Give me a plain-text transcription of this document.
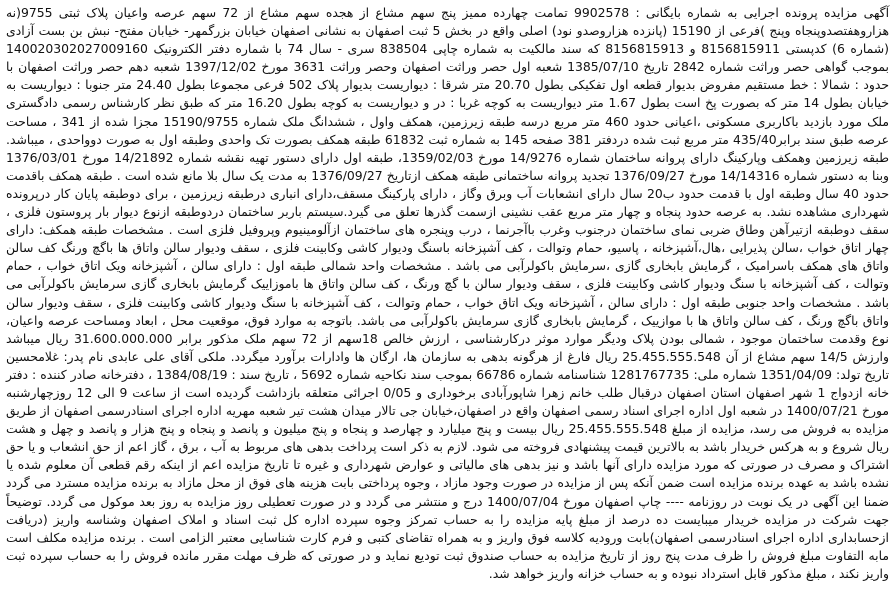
آگهی مزایده پرونده اجرایی به شماره بایگانی : 9902578 تمامت چهارده ممیز پنج سهم مشاع از هجده سهم مشاع از 72 سهم عرصه واعیان پلاک ثبتی 9755(نه هزاروهفتصدوپنجاه وپنج )فرعی از 15190 (پانزده هزاروصدو نود) اصلی واقع در بخش 5 ثبت اصفهان به نشانی اصفهان خیابان بزرگمهر- خیابان مفتح- نبش بن بست آزادی (شماره 6) کدپستی 8156815911 و 8156815913 که سند مالکیت به شماره چاپی 838504 سری - سال 74 با شماره دفتر الکترونیک 140020302027009160 بموجب گواهی حصر وراثت شماره 2842 تاریخ 1385/07/10 شعبه اول حصر وراثت اصفهان وحصر وراثت 3631 مورخ 1397/12/02 شعبه دهم حصر وراثت اصفهان با حدود : شمالا : خط مستقیم مفروض بدیوار قطعه اول تفکیکی بطول 20.70 متر شرقا : دیواریست بدیوار پلاک 502 فرعی مجموعا بطول 24.40 متر جنوبا : دیواریست به خیابان بطول 14 متر که بصورت پخ است بطول 1.67 متر دیواریست به کوچه غربا : در و دیواریست به کوچه بطول 16.20 متر که طبق نظر کارشناس رسمی دادگستری ملک مورد بازدید باکاربری مسکونی ،اعیانی حدود 460 متر مربع درسه طبقه زیرزمین، همکف واول ، ششدانگ ملک شماره 15190/9755 مجزا شده از 341 ، مساحت عرصه طبق سند برابر435/40 متر مربع ثبت شده دردفتر 381 صفحه 145 به شماره ثبت 61832 طبقه همکف بصورت تک واحدی وطبقه اول به صورت دوواحدی ، میباشد. طبقه زیرزمین وهمکف وپارکینگ دارای پروانه ساختمان شماره 14/9276 مورخ 1359/02/03، طبقه اول دارای دستور تهیه نقشه شماره 14/21892 مورخ 1376/03/01 وبنا به دستور شماره 14/14316 مورخ 1376/09/27 تجدید پروانه ساختمانی طبقه همکف ازتاریخ 1376/09/27 به مدت یک سال بلا مانع شده است . طبقه همکف باقدمت حدود 40 سال وطبقه اول با قدمت حدود ب20 سال دارای انشعابات آب وبرق وگاز ، دارای پارکینگ مسقف،دارای انباری درطبقه زیرزمین ، برای دوطبقه پایان کار درپرونده شهرداری مشاهده نشد. به عرصه حدود پنجاه و چهار متر مربع عقب نشینی ازسمت گذرها تعلق می گیرد.سیستم باربر ساختمان دردوطبقه ازنوع دیوار بار پروستون فلزی ، سقف دوطبقه ازتیرآهن وطاق ضربی نمای ساختمان درجنوب وغرب باآجرنما ، درب وپنجره های ساختمان ازآلومینیوم وپروفیل فلزی است . مشخصات طبقه همکف: دارای چهار اتاق خواب ،سالن پذیرایی ،هال،آشپزخانه ، پاسیو، حمام وتوالت ، کف آشپزخانه باسنگ ودیوار کاشی وکابینت فلزی ، سقف ودیوار سالن واتاق ها باگچ ورنگ کف سالن واتاق های همکف باسرامیک ، گرمایش بابخاری گازی ،سرمایش باکولرآبی می باشد . مشخصات واحد شمالی طبقه اول : دارای سالن ، آشپزخانه ویک اتاق خواب ، حمام وتوالت ، کف آشپزخانه با سنگ ودیوار کاشی وکابینت فلزی ، سقف ودیوار سالن با گچ ورنگ ، کف سالن واتاق ها باموزاییک گرمایش بابخاری گازی سرمایش باکولرآبی می باشد . مشخصات واحد جنوبی طبقه اول : دارای سالن ، آشپزخانه ویک اتاق خواب ، حمام وتوالت ، کف آشپزخانه با سنگ ودیوار کاشی وکابینت فلزی ، سقف ودیوار سالن واتاق باگچ ورنگ ، کف سالن واتاق ها با موازییک ، گرمایش بابخاری گازی سرمایش باکولرآبی می باشد. باتوجه به موارد فوق، موقعیت محل ، ابعاد ومساحت عرصه واعیان، نوع وقدمت ساختمان موجود ، شمالی بودن پلاک ودیگر موارد موثر درکارشناسی ، ارزش خالص 18سهم از 72 سهم ملک مذکور برابر 31.600.000.000 ریال میباشد وارزش 14/5 سهم مشاع از آن 25.455.555.548 ریال فارغ از هرگونه بدهی به سازمان ها، ارگان ها وادارات برآورد میگردد. ملکی آقای علی عابدی نام پدر: غلامحسین تاریخ تولد: 1351/04/09 شماره ملی: 1281767735 شناسنامه شماره 66786 بموجب سند نکاحیه شماره 5692 ، تاریخ سند : 1384/08/19 ، دفترخانه صادر کننده : دفتر خانه ازدواج 1 شهر اصفهان استان اصفهان درقبال طلب خانم زهرا شاپورآبادی برخوداری و 0/05 اجرائی متعلقه بازداشت گردیده است از ساعت 9 الی 12 روزچهارشنبه مورخ 1400/07/21 در شعبه اول اداره اجرای اسناد رسمی اصفهان واقع در اصفهان،خیابان جی تالار میدان هشت تیر شعبه مهریه اداره اجرای اسنادرسمی اصفهان از طریق مزایده به فروش می رسد، مزایده از مبلغ 25.455.555.548 ریال بیست و پنج میلیارد و چهارصد و پنجاه و پنج میلیون و پانصد و پنجاه و پنج هزار و پانصد و چهل و هشت ریال شروع و به هرکس خریدار باشد به بالاترین قیمت پیشنهادی فروخته می شود. لازم به ذکر است پرداخت بدهی های مربوط به آب ، برق ، گاز اعم از حق انشعاب و یا حق اشتراک و مصرف در صورتی که مورد مزایده دارای آنها باشد و نیز بدهی های مالیاتی و عوارض شهرداری و غیره تا تاریخ مزایده اعم از اینکه رقم قطعی آن معلوم شده یا نشده باشد به عهده برنده مزایده است ضمن آنکه پس از مزایده در صورت وجود مازاد ، وجوه پرداختی بابت هزینه های فوق از محل مازاد به برنده مزایده مسترد می گردد ضمنا این آگهی در یک نوبت در روزنامه ---- چاپ اصفهان مورخ 1400/07/04 درج و منتشر می گردد و در صورت تعطیلی روز مزایده به روز بعد موکول می گردد. توضیحاً جهت شرکت در مزایده خریدار میبایست ده درصد از مبلغ پایه مزایده را به حساب تمرکز وجوه سپرده اداره کل ثبت اسناد و املاک اصفهان وشناسه واریز (دریافت ازحسابداری اداره اجرای اسنادرسمی اصفهان)بابت ورودیه کلاسه فوق واریز و به همراه تقاضای کتبی و فرم کارت شناسایی معتبر الزامی است . برنده مزایده مکلف است مابه التفاوت مبلغ فروش را ظرف مدت پنج روز از تاریخ مزایده به حساب صندوق ثبت تودیع نماید و در صورتی که ظرف مهلت مقرر مانده فروش را به حساب سپرده ثبت واریز نکند ، مبلغ مذکور قابل استرداد نبوده و به حساب خزانه واریز خواهد شد.
